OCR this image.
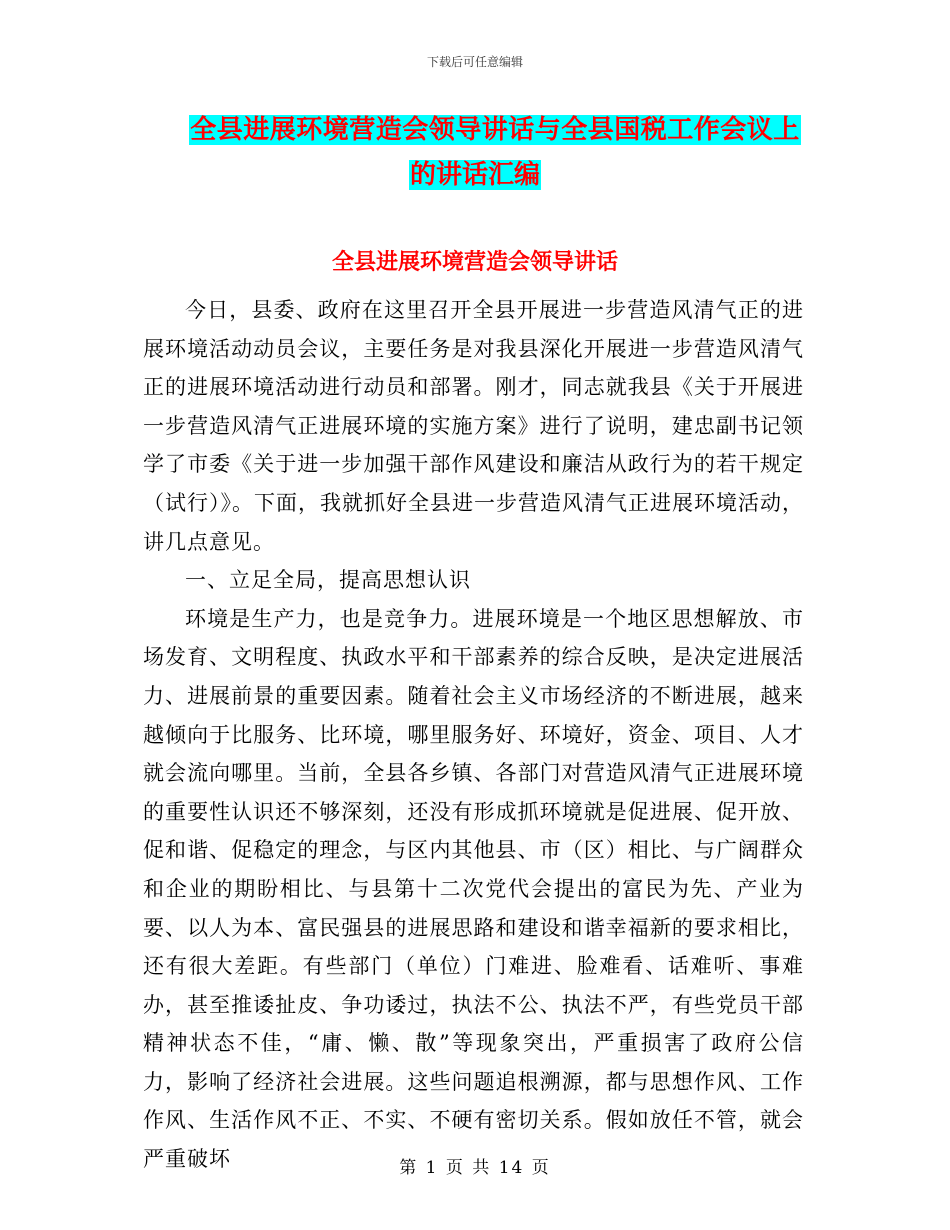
下载后可任意编辑
全县进展环境营造会领导讲话与全县国税工作会议上
的讲话汇编
全县进展环境营造会领导讲话

今日，县委、政府在这里召开全县开展进一步营造风清气正的进展环境活动动员会议，主要任务是对我县深化开展进一步营造风清气正的进展环境活动进行动员和部署。刚才，同志就我县《关于开展进一步营造风清气正进展环境的实施方案》进行了说明，建忠副书记领学了市委《关于进一步加强干部作风建设和廉洁从政行为的若干规定（试行）》。下面，我就抓好全县进一步营造风清气正进展环境活动，讲几点意见。

一、立足全局，提高思想认识

环境是生产力，也是竞争力。进展环境是一个地区思想解放、市场发育、文明程度、执政水平和干部素养的综合反映，是决定进展活力、进展前景的重要因素。随着社会主义市场经济的不断进展，越来越倾向于比服务、比环境，哪里服务好、环境好，资金、项目、人才就会流向哪里。当前，全县各乡镇、各部门对营造风清气正进展环境的重要性认识还不够深刻，还没有形成抓环境就是促进展、促开放、促和谐、促稳定的理念，与区内其他县、市（区）相比、与广阔群众和企业的期盼相比、与县第十二次党代会提出的富民为先、产业为要、以人为本、富民强县的进展思路和建设和谐幸福新的要求相比，还有很大差距。有些部门（单位）门难进、脸难看、话难听、事难办，甚至推诿扯皮、争功诿过，执法不公、执法不严，有些党员干部精神状态不佳，“庸、懒、散”等现象突出，严重损害了政府公信力，影响了经济社会进展。这些问题追根溯源，都与思想作风、工作作风、生活作风不正、不实、不硬有密切关系。假如放任不管，就会严重破坏	第 1 页 共 14 页
